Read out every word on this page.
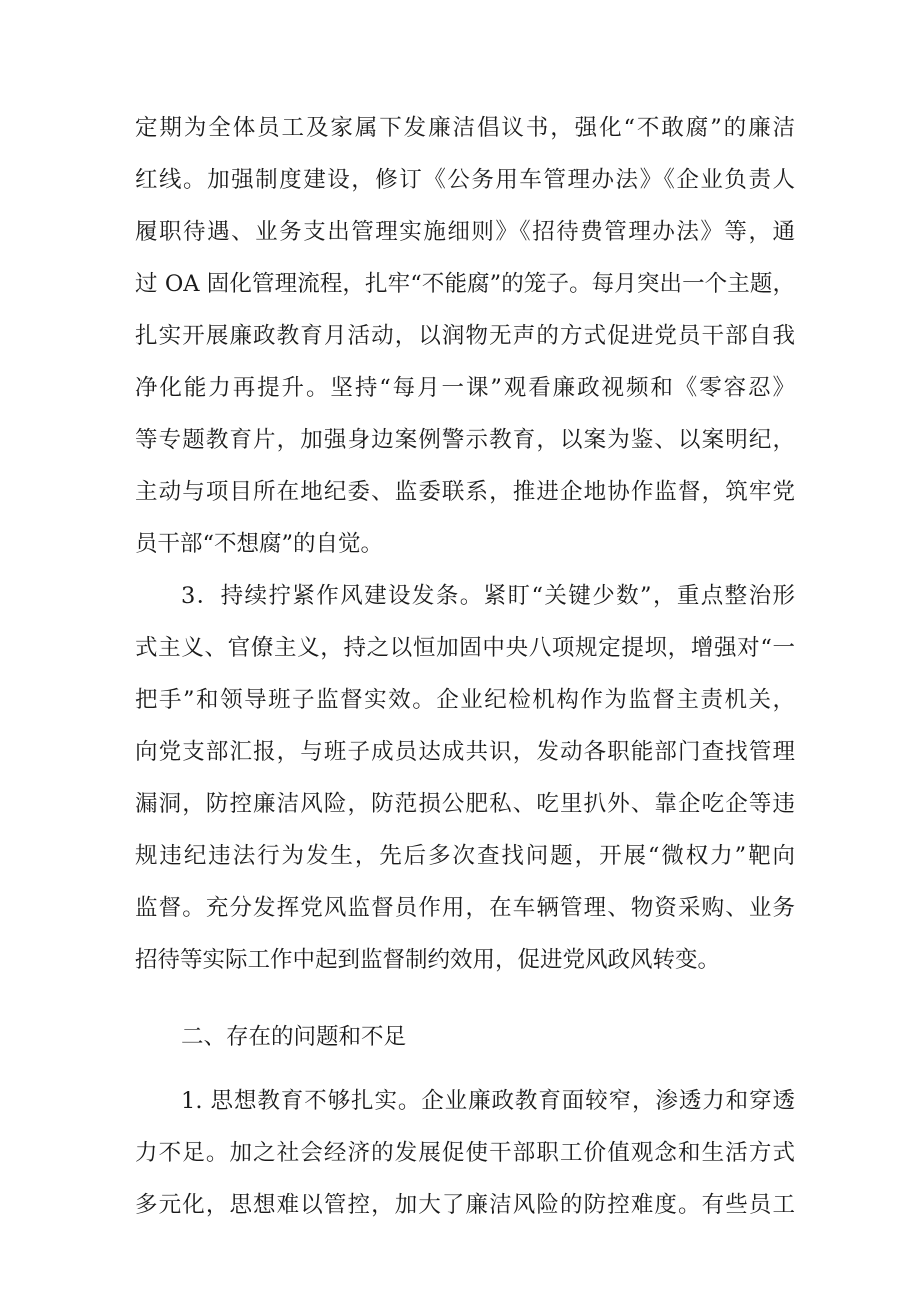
定期为全体员工及家属下发廉洁倡议书，强化“不敢腐”的廉洁
红线。加强制度建设，修订《公务用车管理办法》《企业负责人
履职待遇、业务支出管理实施细则》《招待费管理办法》等，通
过 OA 固化管理流程，扎牢“不能腐”的笼子。每月突出一个主题，
扎实开展廉政教育月活动，以润物无声的方式促进党员干部自我
净化能力再提升。坚持“每月一课”观看廉政视频和《零容忍》
等专题教育片，加强身边案例警示教育，以案为鉴、以案明纪，
主动与项目所在地纪委、监委联系，推进企地协作监督，筑牢党
员干部“不想腐”的自觉。
3．持续拧紧作风建设发条。紧盯“关键少数”，重点整治形
式主义、官僚主义，持之以恒加固中央八项规定提坝，增强对“一
把手”和领导班子监督实效。企业纪检机构作为监督主责机关，
向党支部汇报，与班子成员达成共识，发动各职能部门查找管理
漏洞，防控廉洁风险，防范损公肥私、吃里扒外、靠企吃企等违
规违纪违法行为发生，先后多次查找问题，开展“微权力”靶向
监督。充分发挥党风监督员作用，在车辆管理、物资采购、业务
招待等实际工作中起到监督制约效用，促进党风政风转变。
二、存在的问题和不足
1. 思想教育不够扎实。企业廉政教育面较窄，渗透力和穿透
力不足。加之社会经济的发展促使干部职工价值观念和生活方式
多元化，思想难以管控，加大了廉洁风险的防控难度。有些员工
